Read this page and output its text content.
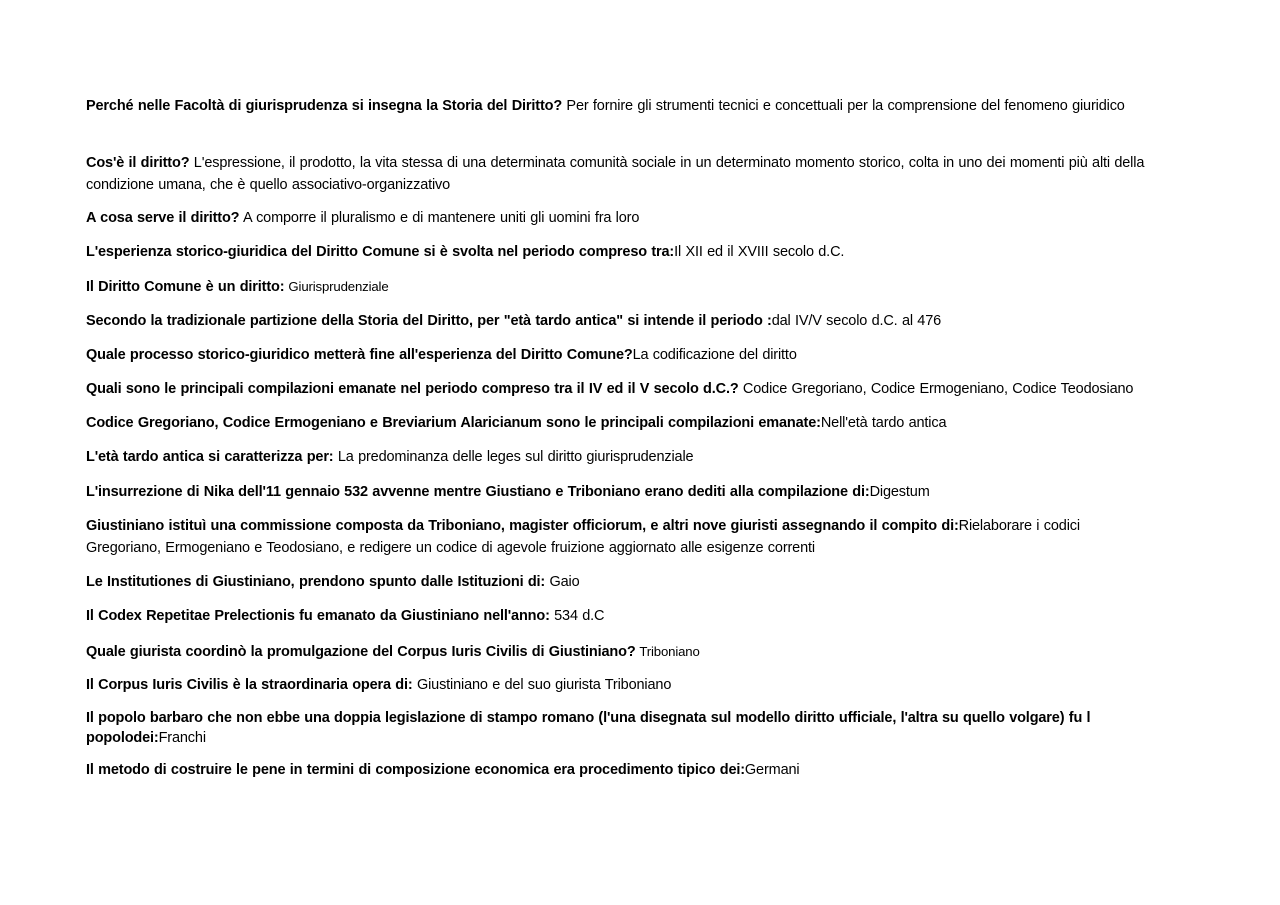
Perché nelle Facoltà di giurisprudenza si insegna la Storia del Diritto? Per fornire gli strumenti tecnici e concettuali per la comprensione del fenomeno giuridico

Cos'è il diritto? L'espressione, il prodotto, la vita stessa di una determinata comunità sociale in un determinato momento storico, colta in uno dei momenti più alti della condizione umana, che è quello associativo-organizzativo

A cosa serve il diritto? A comporre il pluralismo e di mantenere uniti gli uomini fra loro

L'esperienza storico-giuridica del Diritto Comune si è svolta nel periodo compreso tra:Il XII ed il XVIII secolo d.C.

Il Diritto Comune è un diritto: Giurisprudenziale

Secondo la tradizionale partizione della Storia del Diritto, per "età tardo antica" si intende il periodo :dal IV/V secolo d.C. al 476

Quale processo storico-giuridico metterà fine all'esperienza del Diritto Comune?La codificazione del diritto

Quali sono le principali compilazioni emanate nel periodo compreso tra il IV ed il V secolo d.C.? Codice Gregoriano, Codice Ermogeniano, Codice Teodosiano

Codice Gregoriano, Codice Ermogeniano e Breviarium Alaricianum sono le principali compilazioni emanate:Nell'età tardo antica

L'età tardo antica si caratterizza per: La predominanza delle leges sul diritto giurisprudenziale

L'insurrezione di Nika dell'11 gennaio 532 avvenne mentre Giustiano e Triboniano erano dediti alla compilazione di:Digestum

Giustiniano istituì una commissione composta da Triboniano, magister officiorum, e altri nove giuristi assegnando il compito di:Rielaborare i codici Gregoriano, Ermogeniano e Teodosiano, e redigere un codice di agevole fruizione aggiornato alle esigenze correnti

Le Institutiones di Giustiniano, prendono spunto dalle Istituzioni di: Gaio

Il Codex Repetitae Prelectionis fu emanato da Giustiniano nell'anno: 534 d.C

Quale giurista coordinò la promulgazione del Corpus Iuris Civilis di Giustiniano? Triboniano

Il Corpus Iuris Civilis è la straordinaria opera di: Giustiniano e del suo giurista Triboniano

Il popolo barbaro che non ebbe una doppia legislazione di stampo romano (l'una disegnata sul modello diritto ufficiale, l'altra su quello volgare) fu l popolodei:Franchi

Il metodo di costruire le pene in termini di composizione economica era procedimento tipico dei:Germani
